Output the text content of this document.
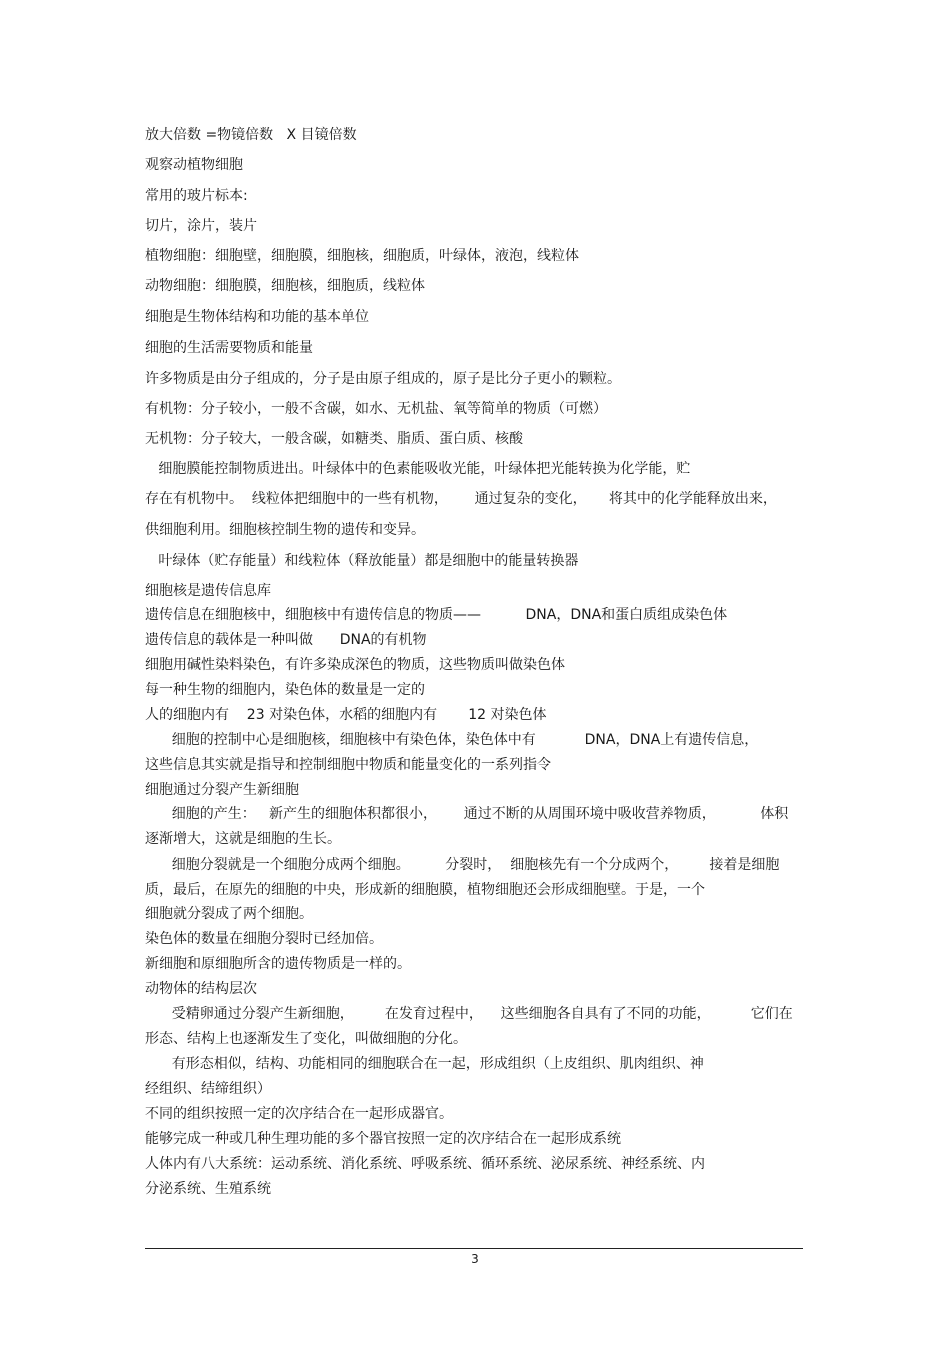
放大倍数 =物镜倍数   X 目镜倍数
观察动植物细胞
常用的玻片标本:
切片，涂片，装片
植物细胞：细胞壁，细胞膜，细胞核，细胞质，叶绿体，液泡，线粒体
动物细胞：细胞膜，细胞核，细胞质，线粒体
细胞是生物体结构和功能的基本单位
细胞的生活需要物质和能量
许多物质是由分子组成的，分子是由原子组成的，原子是比分子更小的颗粒。
有机物：分子较小，一般不含碳，如水、无机盐、氧等简单的物质（可燃）
无机物：分子较大，一般含碳，如糖类、脂质、蛋白质、核酸
细胞膜能控制物质进出。叶绿体中的色素能吸收光能，叶绿体把光能转换为化学能，贮
存在有机物中。  线粒体把细胞中的一些有机物，      通过复杂的变化，     将其中的化学能释放出来，
供细胞利用。细胞核控制生物的遗传和变异。
叶绿体（贮存能量）和线粒体（释放能量）都是细胞中的能量转换器
细胞核是遗传信息库
遗传信息在细胞核中，细胞核中有遗传信息的物质——          DNA，DNA和蛋白质组成染色体
遗传信息的载体是一种叫做      DNA的有机物
细胞用碱性染料染色，有许多染成深色的物质，这些物质叫做染色体
每一种生物的细胞内，染色体的数量是一定的
人的细胞内有    23 对染色体，水稻的细胞内有       12 对染色体
细胞的控制中心是细胞核，细胞核中有染色体，染色体中有           DNA，DNA上有遗传信息，
这些信息其实就是指导和控制细胞中物质和能量变化的一系列指令
细胞通过分裂产生新细胞
细胞的产生：   新产生的细胞体积都很小，      通过不断的从周围环境中吸收营养物质，          体积
逐渐增大，这就是细胞的生长。
细胞分裂就是一个细胞分成两个细胞。        分裂时，  细胞核先有一个分成两个，       接着是细胞
质，最后，在原先的细胞的中央，形成新的细胞膜，植物细胞还会形成细胞壁。于是，一个
细胞就分裂成了两个细胞。
染色体的数量在细胞分裂时已经加倍。
新细胞和原细胞所含的遗传物质是一样的。
动物体的结构层次
受精卵通过分裂产生新细胞，       在发育过程中，    这些细胞各自具有了不同的功能，         它们在
形态、结构上也逐渐发生了变化，叫做细胞的分化。
有形态相似，结构、功能相同的细胞联合在一起，形成组织（上皮组织、肌肉组织、神
经组织、结缔组织）
不同的组织按照一定的次序结合在一起形成器官。
能够完成一种或几种生理功能的多个器官按照一定的次序结合在一起形成系统
人体内有八大系统：运动系统、消化系统、呼吸系统、循环系统、泌尿系统、神经系统、内
分泌系统、生殖系统
3
